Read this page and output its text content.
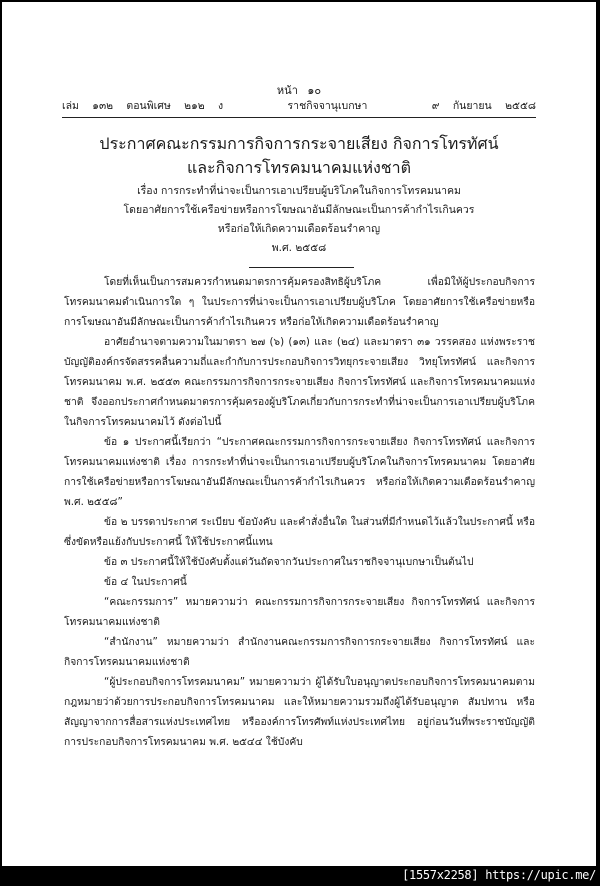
หน้า ๑๐
เล่ม ๑๓๒ ตอนพิเศษ ๒๑๒ ง	ราชกิจจานุเบกษา	๙ กันยายน ๒๕๕๘
ประกาศคณะกรรมการกิจการกระจายเสียง กิจการโทรทัศน์
และกิจการโทรคมนาคมแห่งชาติ
เรื่อง การกระทำที่น่าจะเป็นการเอาเปรียบผู้บริโภคในกิจการโทรคมนาคม
โดยอาศัยการใช้เครือข่ายหรือการโฆษณาอันมีลักษณะเป็นการค้ากำไรเกินควร
หรือก่อให้เกิดความเดือดร้อนรำคาญ
พ.ศ. ๒๕๕๘

โดยที่เห็นเป็นการสมควรกำหนดมาตรการคุ้มครองสิทธิผู้บริโภค เพื่อมิให้ผู้ประกอบกิจการโทรคมนาคมดำเนินการใด ๆ ในประการที่น่าจะเป็นการเอาเปรียบผู้บริโภค โดยอาศัยการใช้เครือข่ายหรือการโฆษณาอันมีลักษณะเป็นการค้ากำไรเกินควร หรือก่อให้เกิดความเดือดร้อนรำคาญ

อาศัยอำนาจตามความในมาตรา ๒๗ (๖) (๑๓) และ (๒๔) และมาตรา ๓๑ วรรคสอง แห่งพระราชบัญญัติองค์กรจัดสรรคลื่นความถี่และกำกับการประกอบกิจการวิทยุกระจายเสียง วิทยุโทรทัศน์ และกิจการโทรคมนาคม พ.ศ. ๒๕๕๓ คณะกรรมการกิจการกระจายเสียง กิจการโทรทัศน์ และกิจการโทรคมนาคมแห่งชาติ จึงออกประกาศกำหนดมาตรการคุ้มครองผู้บริโภคเกี่ยวกับการกระทำที่น่าจะเป็นการเอาเปรียบผู้บริโภคในกิจการโทรคมนาคมไว้ ดังต่อไปนี้

ข้อ ๑ ประกาศนี้เรียกว่า “ประกาศคณะกรรมการกิจการกระจายเสียง กิจการโทรทัศน์ และกิจการโทรคมนาคมแห่งชาติ เรื่อง การกระทำที่น่าจะเป็นการเอาเปรียบผู้บริโภคในกิจการโทรคมนาคม โดยอาศัยการใช้เครือข่ายหรือการโฆษณาอันมีลักษณะเป็นการค้ากำไรเกินควร หรือก่อให้เกิดความเดือดร้อนรำคาญ พ.ศ. ๒๕๕๘”

ข้อ ๒ บรรดาประกาศ ระเบียบ ข้อบังคับ และคำสั่งอื่นใด ในส่วนที่มีกำหนดไว้แล้วในประกาศนี้ หรือซึ่งขัดหรือแย้งกับประกาศนี้ ให้ใช้ประกาศนี้แทน

ข้อ ๓ ประกาศนี้ให้ใช้บังคับตั้งแต่วันถัดจากวันประกาศในราชกิจจานุเบกษาเป็นต้นไป

ข้อ ๔ ในประกาศนี้

“คณะกรรมการ” หมายความว่า คณะกรรมการกิจการกระจายเสียง กิจการโทรทัศน์ และกิจการโทรคมนาคมแห่งชาติ

“สำนักงาน” หมายความว่า สำนักงานคณะกรรมการกิจการกระจายเสียง กิจการโทรทัศน์ และกิจการโทรคมนาคมแห่งชาติ

“ผู้ประกอบกิจการโทรคมนาคม” หมายความว่า ผู้ได้รับใบอนุญาตประกอบกิจการโทรคมนาคมตามกฎหมายว่าด้วยการประกอบกิจการโทรคมนาคม และให้หมายความรวมถึงผู้ได้รับอนุญาต สัมปทาน หรือสัญญาจากการสื่อสารแห่งประเทศไทย หรือองค์การโทรศัพท์แห่งประเทศไทย อยู่ก่อนวันที่พระราชบัญญัติการประกอบกิจการโทรคมนาคม พ.ศ. ๒๕๔๔ ใช้บังคับ

[1557x2258] https://upic.me/
